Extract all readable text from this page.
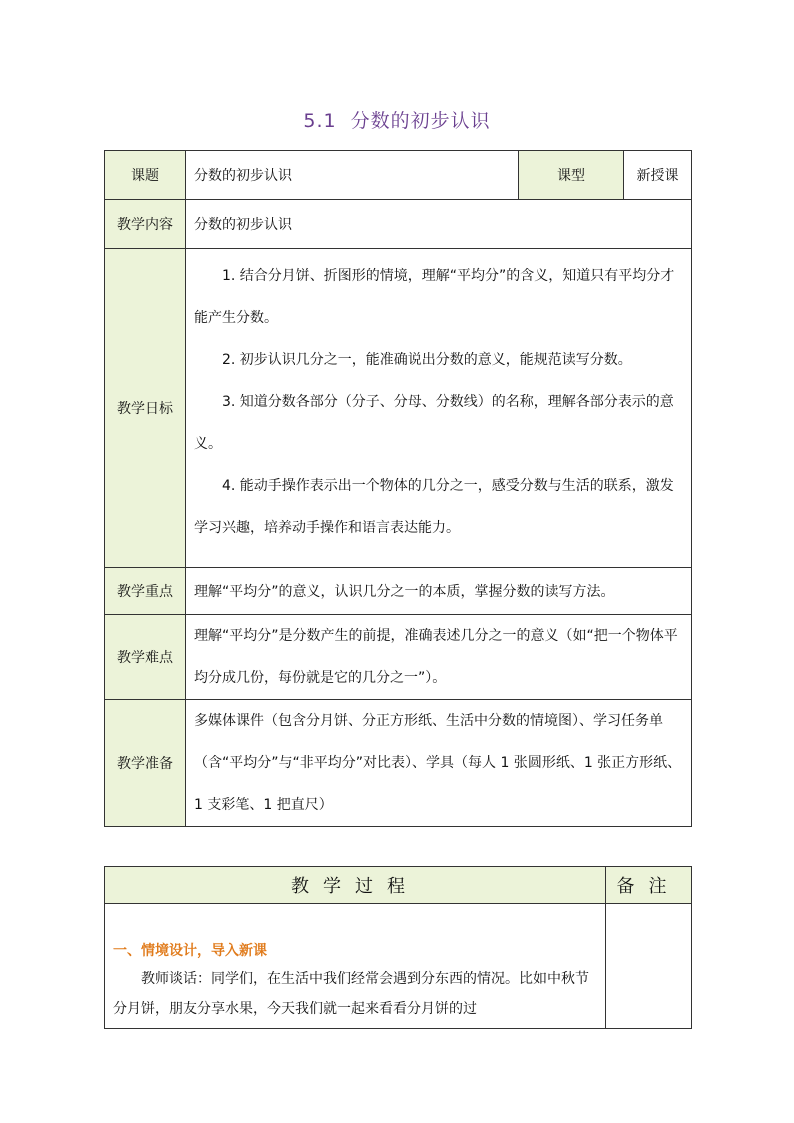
5.1 分数的初步认识
课题	分数的初步认识	课型	新授课
教学内容	分数的初步认识		
教学日标	1. 结合分月饼、折图形的情境，理解“平均分”的含义，知道只有平均分才能产生分数。

2. 初步认识几分之一，能准确说出分数的意义，能规范读写分数。

3. 知道分数各部分（分子、分母、分数线）的名称，理解各部分表示的意义。

4. 能动手操作表示出一个物体的几分之一，感受分数与生活的联系，激发学习兴趣，培养动手操作和语言表达能力。		

教学重点	理解“平均分”的意义，认识几分之一的本质，掌握分数的读写方法。		
教学难点	理解“平均分”是分数产生的前提，准确表述几分之一的意义（如“把一个物体平均分成几份，每份就是它的几分之一”）。		

教学准备	多媒体课件（包含分月饼、分正方形纸、生活中分数的情境图）、学习任务单（含“平均分”与“非平均分”对比表）、学具（每人 1 张圆形纸、1 张正方形纸、1 支彩笔、1 把直尺）		

教学过程	备注

一、情境设计，导入新课

教师谈话：同学们，在生活中我们经常会遇到分东西的情况。比如中秋节分月饼，朋友分享水果，今天我们就一起来看看分月饼的过	
